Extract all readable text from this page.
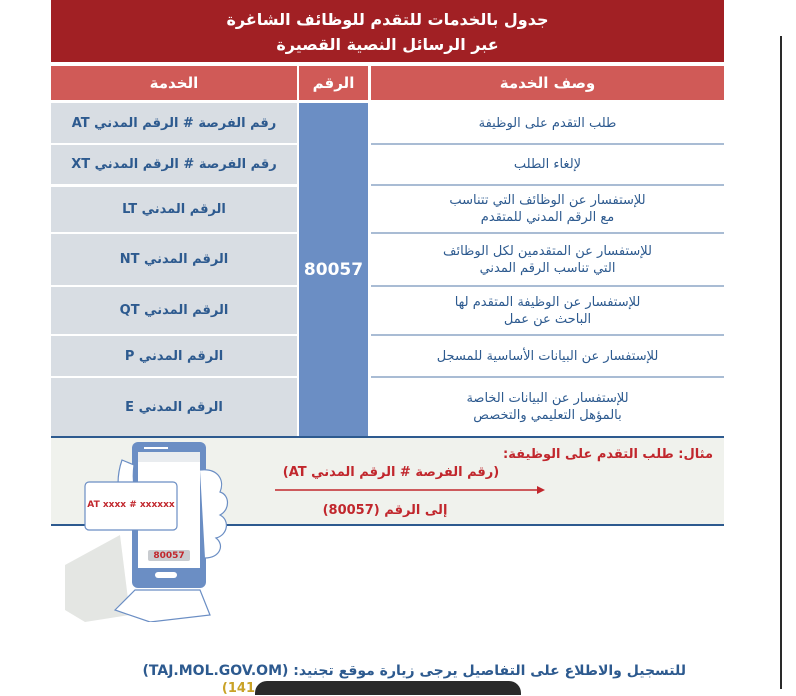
جدول بالخدمات للتقدم للوظائف الشاغرة
عبر الرسائل النصية القصيرة
الخدمة	الرقم	وصف الخدمة
رقم الفرصة # الرقم المدني AT
رقم الفرصة # الرقم المدني XT
الرقم المدني LT
الرقم المدني NT
الرقم المدني QT
الرقم المدني P
الرقم المدني E
80057
طلب التقدم على الوظيفة
لإلغاء الطلب
للإستفسار عن الوظائف التي تتناسب
مع الرقم المدني للمتقدم
للإستفسار عن المتقدمين لكل الوظائف
التي تناسب الرقم المدني
للإستفسار عن الوظيفة المتقدم لها
الباحث عن عمل
للإستفسار عن البيانات الأساسية للمسجل
للإستفسار عن البيانات الخاصة
بالمؤهل التعليمي والتخصص
مثال: طلب التقدم على الوظيفة:
(رقم الفرصة # الرقم المدني AT)
إلى الرقم (80057)
AT xxxx # xxxxxx
80057
للتسجيل والاطلاع على التفاصيل يرجى زيارة موقع تجنيد: (TAJ.MOL.GOV.OM)
(141
